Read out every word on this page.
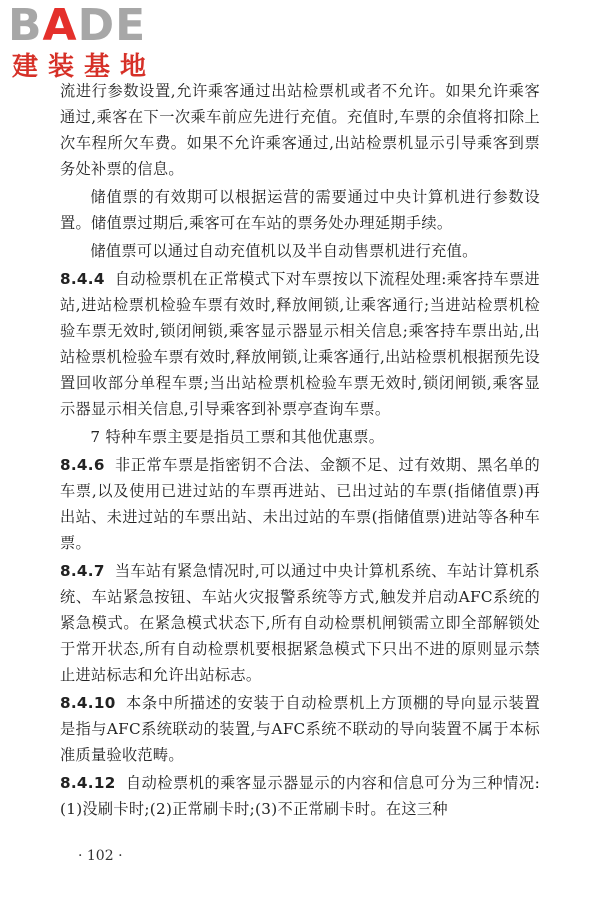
BADE
建装基地

流进行参数设置,允许乘客通过出站检票机或者不允许。如果允许乘客通过,乘客在下一次乘车前应先进行充值。充值时,车票的余值将扣除上次车程所欠车费。如果不允许乘客通过,出站检票机显示引导乘客到票务处补票的信息。

储值票的有效期可以根据运营的需要通过中央计算机进行参数设置。储值票过期后,乘客可在车站的票务处办理延期手续。

储值票可以通过自动充值机以及半自动售票机进行充值。

8.4.4 自动检票机在正常模式下对车票按以下流程处理:乘客持车票进站,进站检票机检验车票有效时,释放闸锁,让乘客通行;当进站检票机检验车票无效时,锁闭闸锁,乘客显示器显示相关信息;乘客持车票出站,出站检票机检验车票有效时,释放闸锁,让乘客通行,出站检票机根据预先设置回收部分单程车票;当出站检票机检验车票无效时,锁闭闸锁,乘客显示器显示相关信息,引导乘客到补票亭查询车票。

7 特种车票主要是指员工票和其他优惠票。

8.4.6 非正常车票是指密钥不合法、金额不足、过有效期、黑名单的车票,以及使用已进过站的车票再进站、已出过站的车票(指储值票)再出站、未进过站的车票出站、未出过站的车票(指储值票)进站等各种车票。

8.4.7 当车站有紧急情况时,可以通过中央计算机系统、车站计算机系统、车站紧急按钮、车站火灾报警系统等方式,触发并启动AFC系统的紧急模式。在紧急模式状态下,所有自动检票机闸锁需立即全部解锁处于常开状态,所有自动检票机要根据紧急模式下只出不进的原则显示禁止进站标志和允许出站标志。

8.4.10 本条中所描述的安装于自动检票机上方顶棚的导向显示装置是指与AFC系统联动的装置,与AFC系统不联动的导向装置不属于本标准质量验收范畴。

8.4.12 自动检票机的乘客显示器显示的内容和信息可分为三种情况:(1)没刷卡时;(2)正常刷卡时;(3)不正常刷卡时。在这三种

· 102 ·
